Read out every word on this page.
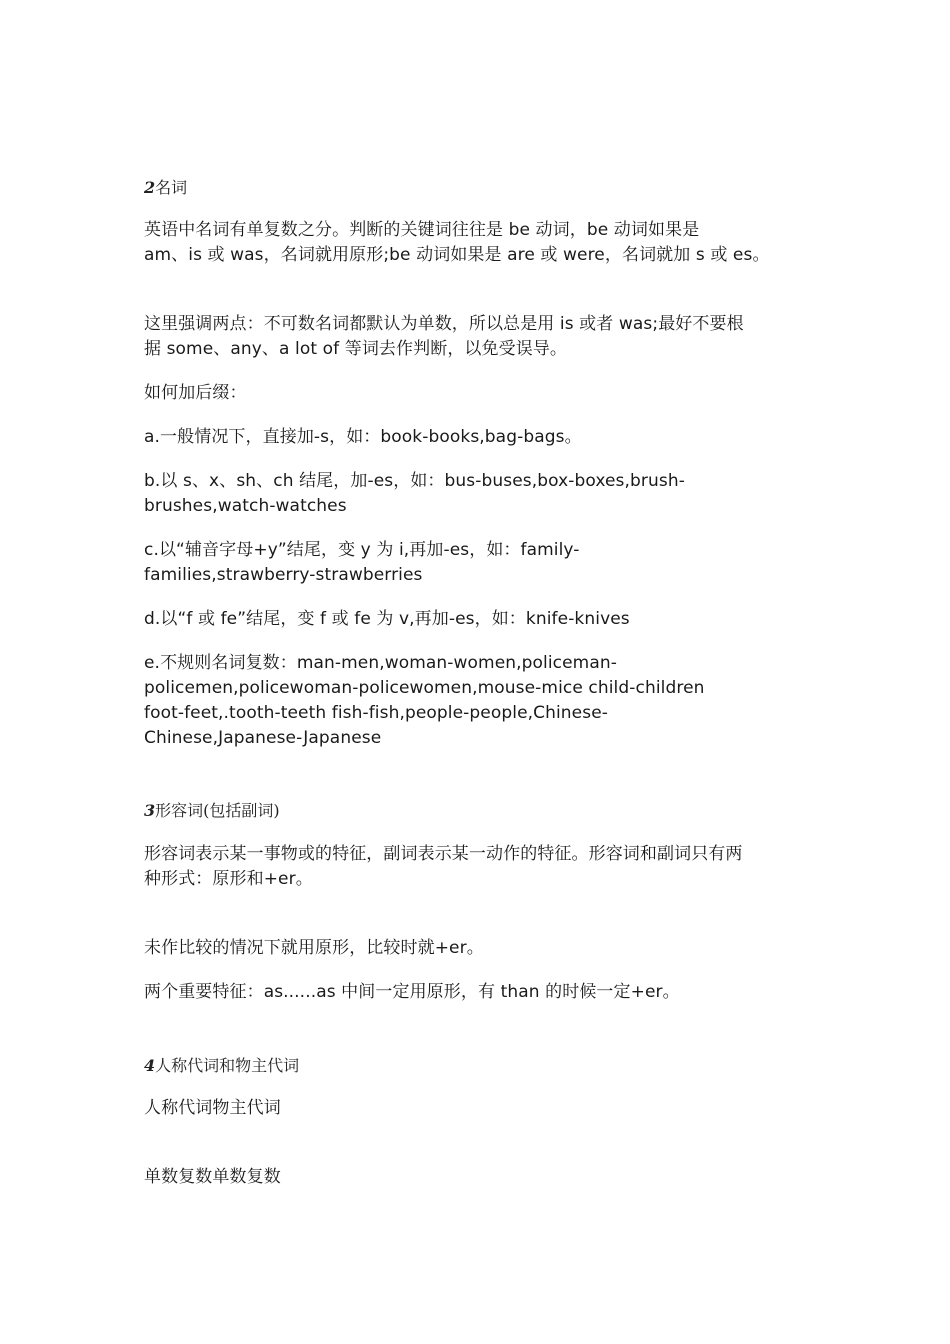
2名词
英语中名词有单复数之分。判断的关键词往往是 be 动词，be 动词如果是
am、is 或 was，名词就用原形;be 动词如果是 are 或 were，名词就加 s 或 es。
这里强调两点：不可数名词都默认为单数，所以总是用 is 或者 was;最好不要根
据 some、any、a lot of 等词去作判断，以免受误导。
如何加后缀：
a.一般情况下，直接加-s，如：book-books,bag-bags。
b.以 s、x、sh、ch 结尾，加-es，如：bus-buses,box-boxes,brush-
brushes,watch-watches
c.以“辅音字母+y”结尾，变 y 为 i,再加-es，如：family-
families,strawberry-strawberries
d.以“f 或 fe”结尾，变 f 或 fe 为 v,再加-es，如：knife-knives
e.不规则名词复数：man-men,woman-women,policeman-
policemen,policewoman-policewomen,mouse-mice child-children
foot-feet,.tooth-teeth fish-fish,people-people,Chinese-
Chinese,Japanese-Japanese
3形容词(包括副词)
形容词表示某一事物或的特征，副词表示某一动作的特征。形容词和副词只有两
种形式：原形和+er。
未作比较的情况下就用原形，比较时就+er。
两个重要特征：as......as 中间一定用原形，有 than 的时候一定+er。
4人称代词和物主代词
人称代词物主代词
单数复数单数复数
